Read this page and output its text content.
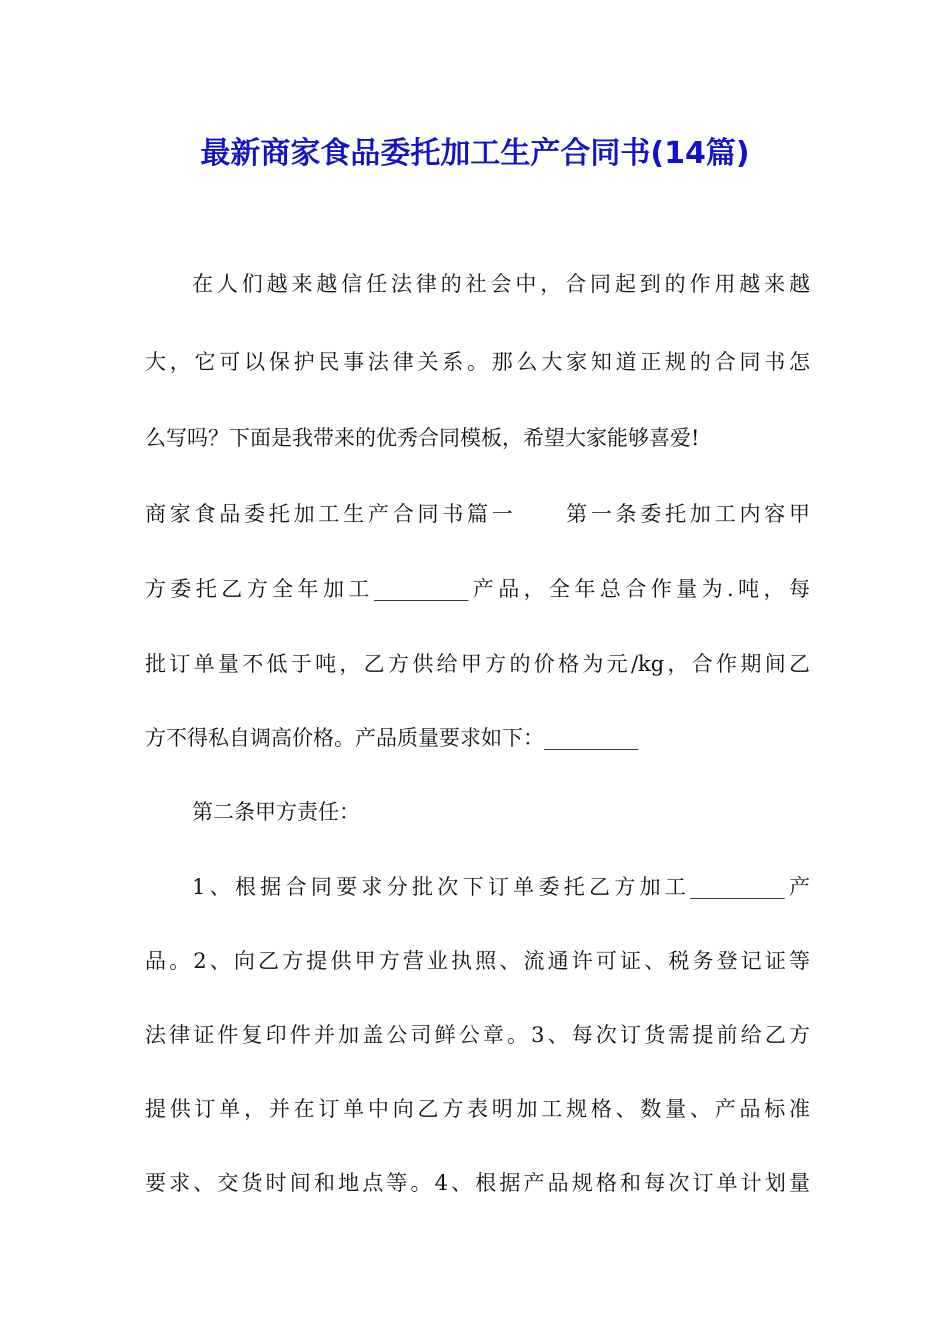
最新商家食品委托加工生产合同书(14篇)
在人们越来越信任法律的社会中，合同起到的作用越来越
大，它可以保护民事法律关系。那么大家知道正规的合同书怎
么写吗？下面是我带来的优秀合同模板，希望大家能够喜爱!
商家食品委托加工生产合同书篇一　　第一条委托加工内容甲
方委托乙方全年加工_________产品，全年总合作量为.吨，每
批订单量不低于吨，乙方供给甲方的价格为元/kg，合作期间乙
方不得私自调高价格。产品质量要求如下：_________
第二条甲方责任：
1、根据合同要求分批次下订单委托乙方加工_________产
品。2、向乙方提供甲方营业执照、流通许可证、税务登记证等
法律证件复印件并加盖公司鲜公章。3、每次订货需提前给乙方
提供订单，并在订单中向乙方表明加工规格、数量、产品标准
要求、交货时间和地点等。4、根据产品规格和每次订单计划量
